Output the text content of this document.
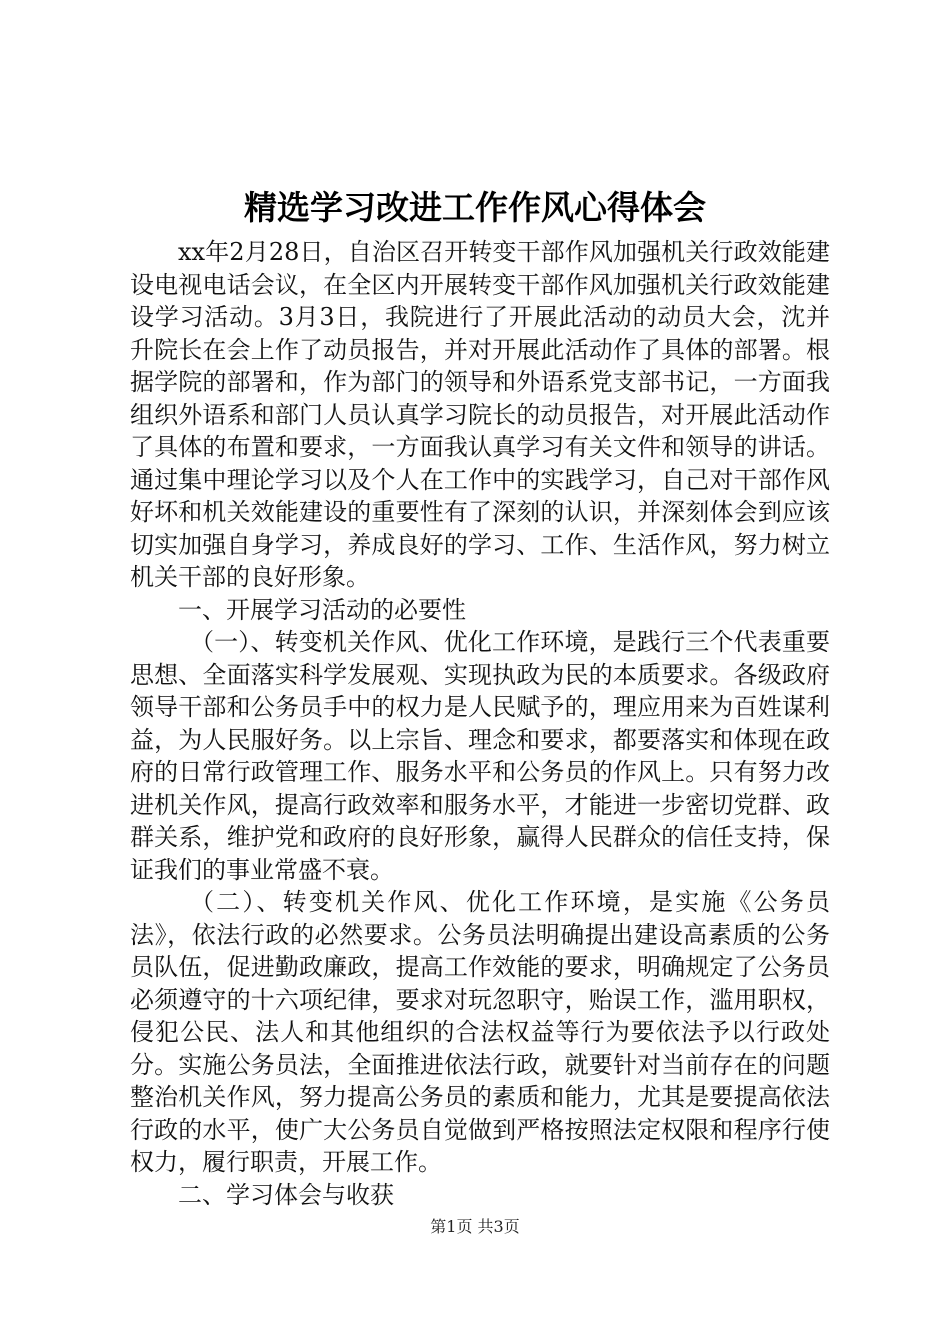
精选学习改进工作作风心得体会

xx年2月28日，自治区召开转变干部作风加强机关行政效能建设电视电话会议，在全区内开展转变干部作风加强机关行政效能建设学习活动。3月3日，我院进行了开展此活动的动员大会，沈并升院长在会上作了动员报告，并对开展此活动作了具体的部署。根据学院的部署和，作为部门的领导和外语系党支部书记，一方面我组织外语系和部门人员认真学习院长的动员报告，对开展此活动作了具体的布置和要求，一方面我认真学习有关文件和领导的讲话。通过集中理论学习以及个人在工作中的实践学习，自己对干部作风好坏和机关效能建设的重要性有了深刻的认识，并深刻体会到应该切实加强自身学习，养成良好的学习、工作、生活作风，努力树立机关干部的良好形象。

一、开展学习活动的必要性

（一）、转变机关作风、优化工作环境，是践行三个代表重要思想、全面落实科学发展观、实现执政为民的本质要求。各级政府领导干部和公务员手中的权力是人民赋予的，理应用来为百姓谋利益，为人民服好务。以上宗旨、理念和要求，都要落实和体现在政府的日常行政管理工作、服务水平和公务员的作风上。只有努力改进机关作风，提高行政效率和服务水平，才能进一步密切党群、政群关系，维护党和政府的良好形象，赢得人民群众的信任支持，保证我们的事业常盛不衰。

（二）、转变机关作风、优化工作环境，是实施《公务员法》，依法行政的必然要求。公务员法明确提出建设高素质的公务员队伍，促进勤政廉政，提高工作效能的要求，明确规定了公务员必须遵守的十六项纪律，要求对玩忽职守，贻误工作，滥用职权，侵犯公民、法人和其他组织的合法权益等行为要依法予以行政处分。实施公务员法，全面推进依法行政，就要针对当前存在的问题整治机关作风，努力提高公务员的素质和能力，尤其是要提高依法行政的水平，使广大公务员自觉做到严格按照法定权限和程序行使权力，履行职责，开展工作。

二、学习体会与收获

第1页 共3页
